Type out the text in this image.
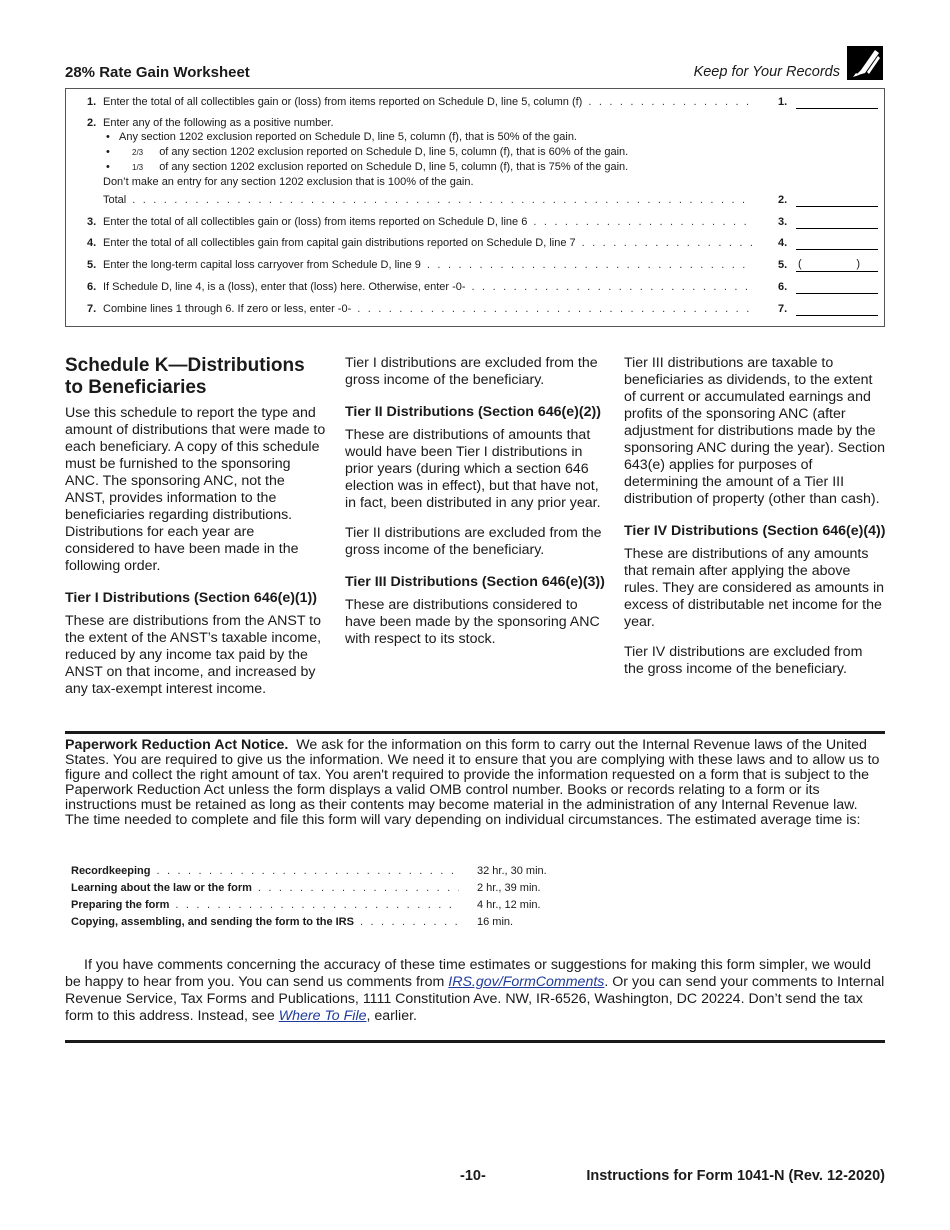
28% Rate Gain Worksheet	Keep for Your Records
1. Enter the total of all collectibles gain or (loss) from items reported on Schedule D, line 5, column (f) . . .	1.
2. Enter any of the following as a positive number.
• Any section 1202 exclusion reported on Schedule D, line 5, column (f), that is 50% of the gain.
• 2/3 of any section 1202 exclusion reported on Schedule D, line 5, column (f), that is 60% of the gain.
• 1/3 of any section 1202 exclusion reported on Schedule D, line 5, column (f), that is 75% of the gain.
Don’t make an entry for any section 1202 exclusion that is 100% of the gain.
Total . . .	2.
3. Enter the total of all collectibles gain or (loss) from items reported on Schedule D, line 6 . . .	3.
4. Enter the total of all collectibles gain from capital gain distributions reported on Schedule D, line 7 . . .	4.
5. Enter the long-term capital loss carryover from Schedule D, line 9 . . .	5. (	)
6. If Schedule D, line 4, is a (loss), enter that (loss) here. Otherwise, enter -0- . . .	6.
7. Combine lines 1 through 6. If zero or less, enter -0- . . .	7.
Schedule K—Distributions to Beneficiaries

Use this schedule to report the type and amount of distributions that were made to each beneficiary. A copy of this schedule must be furnished to the sponsoring ANC. The sponsoring ANC, not the ANST, provides information to the beneficiaries regarding distributions. Distributions for each year are considered to have been made in the following order.

Tier I Distributions (Section 646(e)(1))

These are distributions from the ANST to the extent of the ANST’s taxable income, reduced by any income tax paid by the ANST on that income, and increased by any tax-exempt interest income.

Tier I distributions are excluded from the gross income of the beneficiary.

Tier II Distributions (Section 646(e)(2))

These are distributions of amounts that would have been Tier I distributions in prior years (during which a section 646 election was in effect), but that have not, in fact, been distributed in any prior year.

Tier II distributions are excluded from the gross income of the beneficiary.

Tier III Distributions (Section 646(e)(3))

These are distributions considered to have been made by the sponsoring ANC with respect to its stock.

Tier III distributions are taxable to beneficiaries as dividends, to the extent of current or accumulated earnings and profits of the sponsoring ANC (after adjustment for distributions made by the sponsoring ANC during the year). Section 643(e) applies for purposes of determining the amount of a Tier III distribution of property (other than cash).

Tier IV Distributions (Section 646(e)(4))

These are distributions of any amounts that remain after applying the above rules. They are considered as amounts in excess of distributable net income for the year.

Tier IV distributions are excluded from the gross income of the beneficiary.

Paperwork Reduction Act Notice. We ask for the information on this form to carry out the Internal Revenue laws of the United States. You are required to give us the information. We need it to ensure that you are complying with these laws and to allow us to figure and collect the right amount of tax. You aren't required to provide the information requested on a form that is subject to the Paperwork Reduction Act unless the form displays a valid OMB control number. Books or records relating to a form or its instructions must be retained as long as their contents may become material in the administration of any Internal Revenue law. The time needed to complete and file this form will vary depending on individual circumstances. The estimated average time is:
Recordkeeping . . .	32 hr., 30 min.
Learning about the law or the form . . .	2 hr., 39 min.
Preparing the form . . .	4 hr., 12 min.
Copying, assembling, and sending the form to the IRS . . .	16 min.
If you have comments concerning the accuracy of these time estimates or suggestions for making this form simpler, we would be happy to hear from you. You can send us comments from IRS.gov/FormComments. Or you can send your comments to Internal Revenue Service, Tax Forms and Publications, 1111 Constitution Ave. NW, IR-6526, Washington, DC 20224. Don’t send the tax form to this address. Instead, see Where To File, earlier.
-10-	Instructions for Form 1041-N (Rev. 12-2020)
